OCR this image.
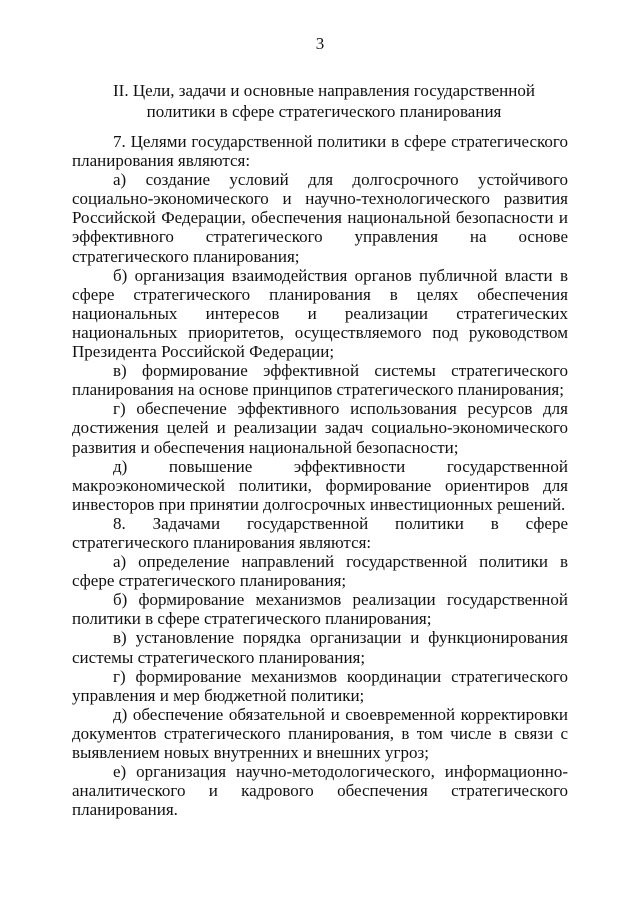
3
II. Цели, задачи и основные направления государственной
политики в сфере стратегического планирования

7. Целями государственной политики в сфере стратегического планирования являются:

а) создание условий для долгосрочного устойчивого социально-экономического и научно-технологического развития Российской Федерации, обеспечения национальной безопасности и эффективного стратегического управления на основе стратегического планирования;

б) организация взаимодействия органов публичной власти в сфере стратегического планирования в целях обеспечения национальных интересов и реализации стратегических национальных приоритетов, осуществляемого под руководством Президента Российской Федерации;

в) формирование эффективной системы стратегического планирования на основе принципов стратегического планирования;

г) обеспечение эффективного использования ресурсов для достижения целей и реализации задач социально-экономического развития и обеспечения национальной безопасности;

д) повышение эффективности государственной макроэкономической политики, формирование ориентиров для инвесторов при принятии долгосрочных инвестиционных решений.

8. Задачами государственной политики в сфере стратегического планирования являются:

а) определение направлений государственной политики в сфере стратегического планирования;

б) формирование механизмов реализации государственной политики в сфере стратегического планирования;

в) установление порядка организации и функционирования системы стратегического планирования;

г) формирование механизмов координации стратегического управления и мер бюджетной политики;

д) обеспечение обязательной и своевременной корректировки документов стратегического планирования, в том числе в связи с выявлением новых внутренних и внешних угроз;

е) организация научно-методологического, информационно-аналитического и кадрового обеспечения стратегического планирования.
